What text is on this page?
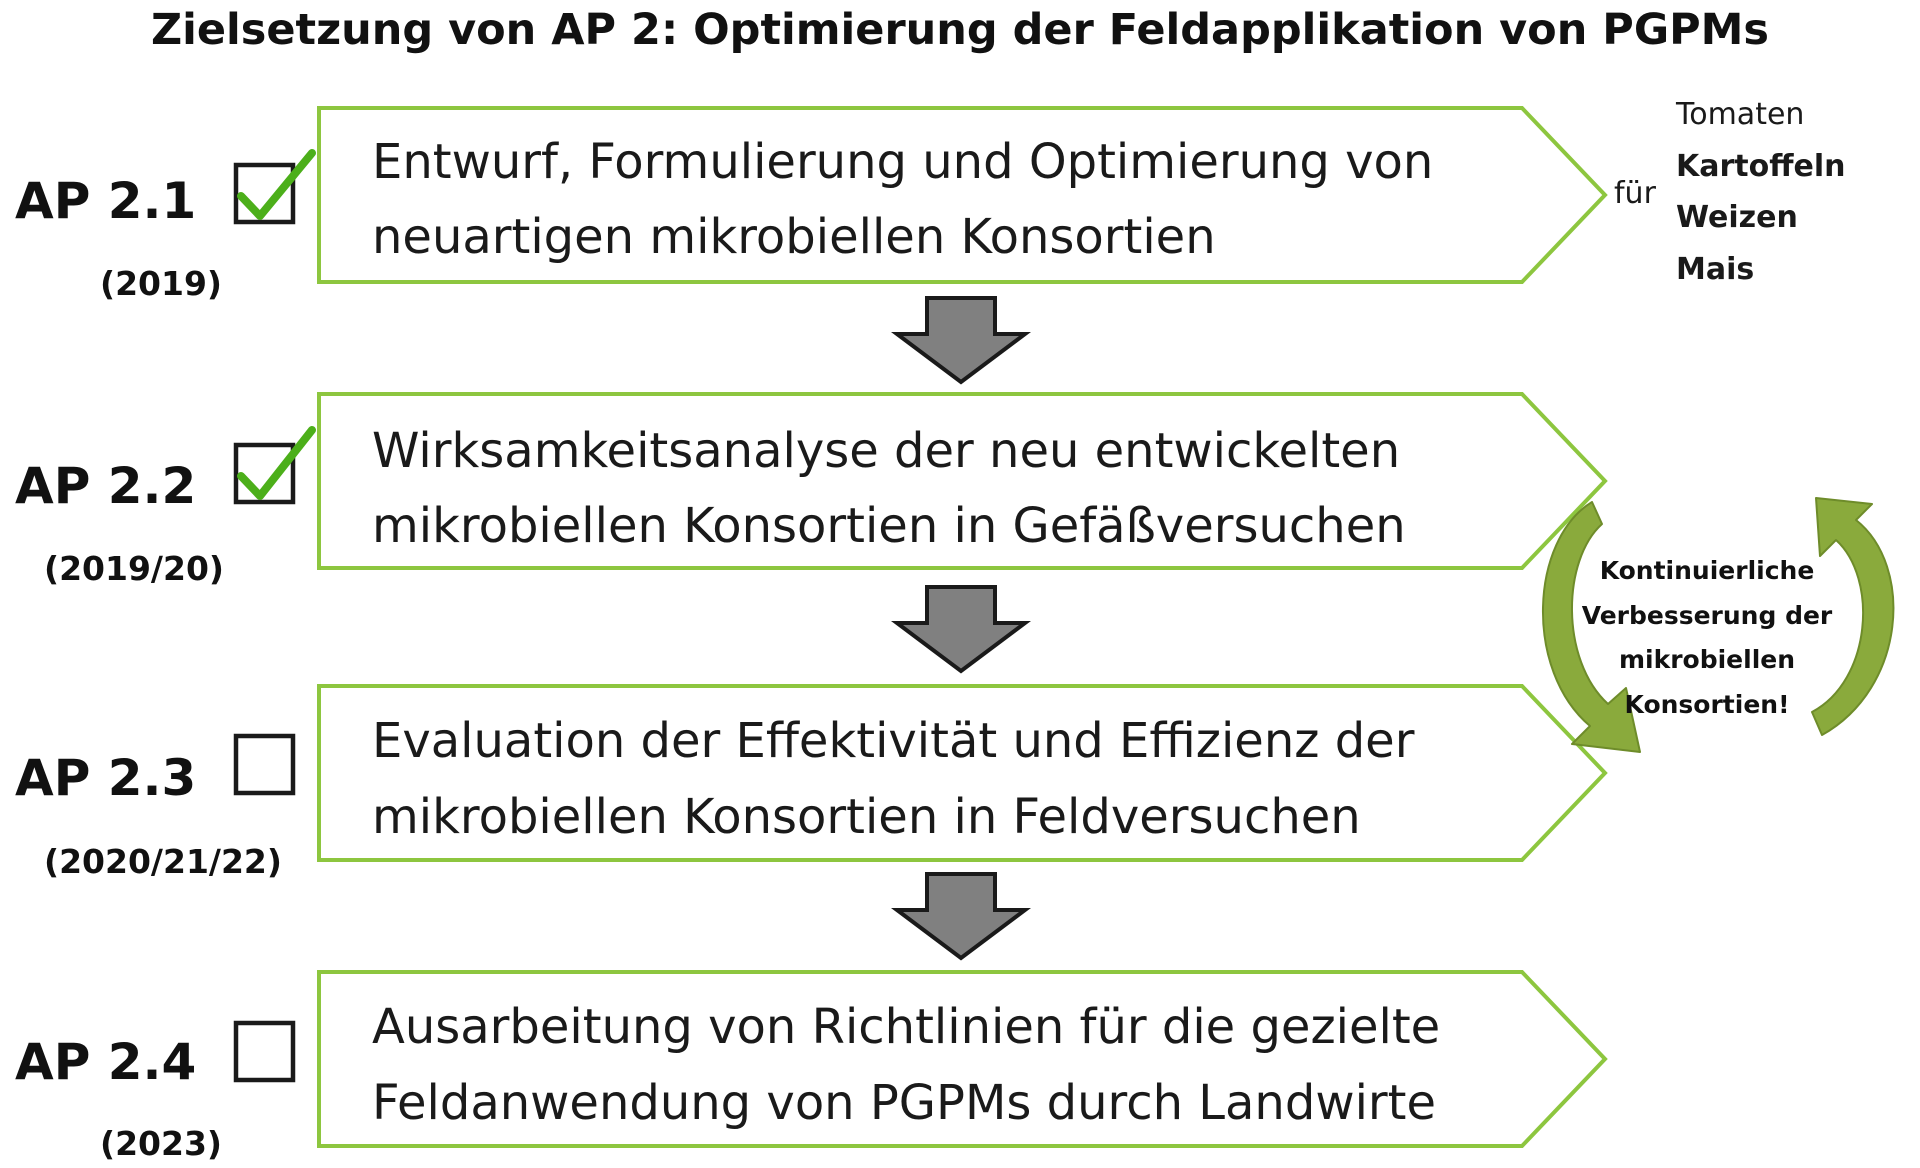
Zielsetzung von AP 2: Optimierung der Feldapplikation von PGPMs
AP 2.1
(2019)
Entwurf, Formulierung und Optimierung von
neuartigen mikrobiellen Konsortien
für
Tomaten
Kartoffeln
Weizen
Mais
AP 2.2
(2019/20)
Wirksamkeitsanalyse der neu entwickelten
mikrobiellen Konsortien in Gefäßversuchen
AP 2.3
(2020/21/22)
Evaluation der Effektivität und Effizienz der
mikrobiellen Konsortien in Feldversuchen
AP 2.4
(2023)
Ausarbeitung von Richtlinien für die gezielte
Feldanwendung von PGPMs durch Landwirte
Kontinuierliche
Verbesserung der
mikrobiellen
Konsortien!
